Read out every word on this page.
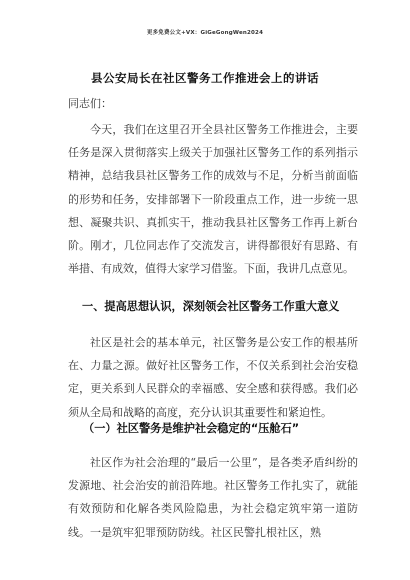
更多免费公文+VX：GiGeGongWen2024
县公安局长在社区警务工作推进会上的讲话
同志们：

今天，我们在这里召开全县社区警务工作推进会，主要任务是深入贯彻落实上级关于加强社区警务工作的系列指示精神，总结我县社区警务工作的成效与不足，分析当前面临的形势和任务，安排部署下一阶段重点工作，进一步统一思想、凝聚共识、真抓实干，推动我县社区警务工作再上新台阶。刚才，几位同志作了交流发言，讲得都很好有思路、有举措、有成效，值得大家学习借鉴。下面，我讲几点意见。

一、提高思想认识，深刻领会社区警务工作重大意义

社区是社会的基本单元，社区警务是公安工作的根基所在、力量之源。做好社区警务工作，不仅关系到社会治安稳定，更关系到人民群众的幸福感、安全感和获得感。我们必须从全局和战略的高度，充分认识其重要性和紧迫性。

（一）社区警务是维护社会稳定的“压舱石”

社区作为社会治理的“最后一公里”，是各类矛盾纠纷的发源地、社会治安的前沿阵地。社区警务工作扎实了，就能有效预防和化解各类风险隐患，为社会稳定筑牢第一道防线。一是筑牢犯罪预防防线。社区民警扎根社区，熟
